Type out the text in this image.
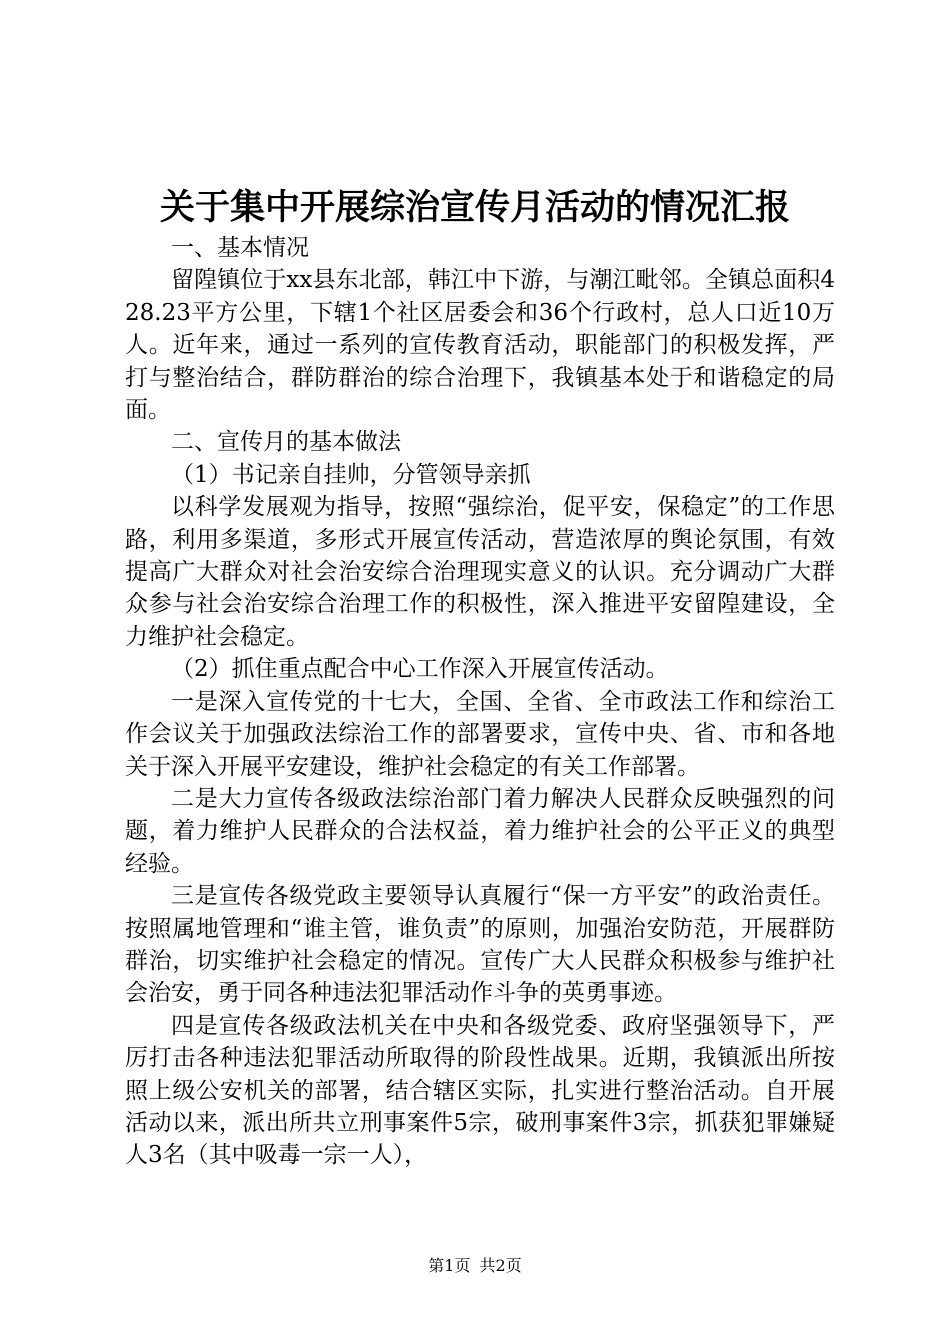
关于集中开展综治宣传月活动的情况汇报

一、基本情况

留隍镇位于xx县东北部，韩江中下游，与潮江毗邻。全镇总面积428.23平方公里，下辖1个社区居委会和36个行政村，总人口近10万人。近年来，通过一系列的宣传教育活动，职能部门的积极发挥，严打与整治结合，群防群治的综合治理下，我镇基本处于和谐稳定的局面。

二、宣传月的基本做法

（1）书记亲自挂帅，分管领导亲抓

以科学发展观为指导，按照“强综治，促平安，保稳定”的工作思路，利用多渠道，多形式开展宣传活动，营造浓厚的舆论氛围，有效提高广大群众对社会治安综合治理现实意义的认识。充分调动广大群众参与社会治安综合治理工作的积极性，深入推进平安留隍建设，全力维护社会稳定。

（2）抓住重点配合中心工作深入开展宣传活动。

一是深入宣传党的十七大，全国、全省、全市政法工作和综治工作会议关于加强政法综治工作的部署要求，宣传中央、省、市和各地关于深入开展平安建设，维护社会稳定的有关工作部署。

二是大力宣传各级政法综治部门着力解决人民群众反映强烈的问题，着力维护人民群众的合法权益，着力维护社会的公平正义的典型经验。

三是宣传各级党政主要领导认真履行“保一方平安”的政治责任。按照属地管理和“谁主管，谁负责”的原则，加强治安防范，开展群防群治，切实维护社会稳定的情况。宣传广大人民群众积极参与维护社会治安，勇于同各种违法犯罪活动作斗争的英勇事迹。

四是宣传各级政法机关在中央和各级党委、政府坚强领导下，严厉打击各种违法犯罪活动所取得的阶段性战果。近期，我镇派出所按照上级公安机关的部署，结合辖区实际，扎实进行整治活动。自开展活动以来，派出所共立刑事案件5宗，破刑事案件3宗，抓获犯罪嫌疑人3名（其中吸毒一宗一人），

第1页 共2页
